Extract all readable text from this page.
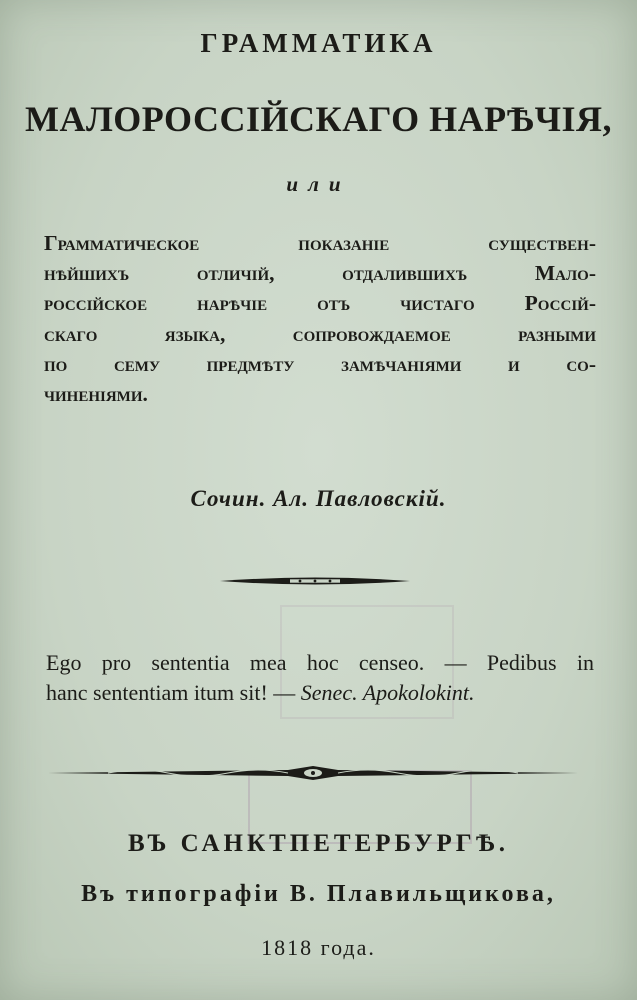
ГРАММАТИКА
МАЛОРОССІЙСКАГО НАРѢЧІЯ,
или
Грамматическое показаніе существен-
нѣйшихъ отличій, отдалившихъ Мало-
россійское нарѣчіе отъ чистаго Россій-
скаго языка, сопровождаемое разными
по сему предмѣту замѣчаніями и со-
чиненіями.
Сочин. Ал. Павловскій.
Ego pro sententia mea hoc censeo. — Pedibus in
hanc sententiam itum sit! — Senec. Apokolokint.
ВЪ САНКТПЕТЕРБУРГѢ.
Въ типографіи В. Плавильщикова,
1818 года.
